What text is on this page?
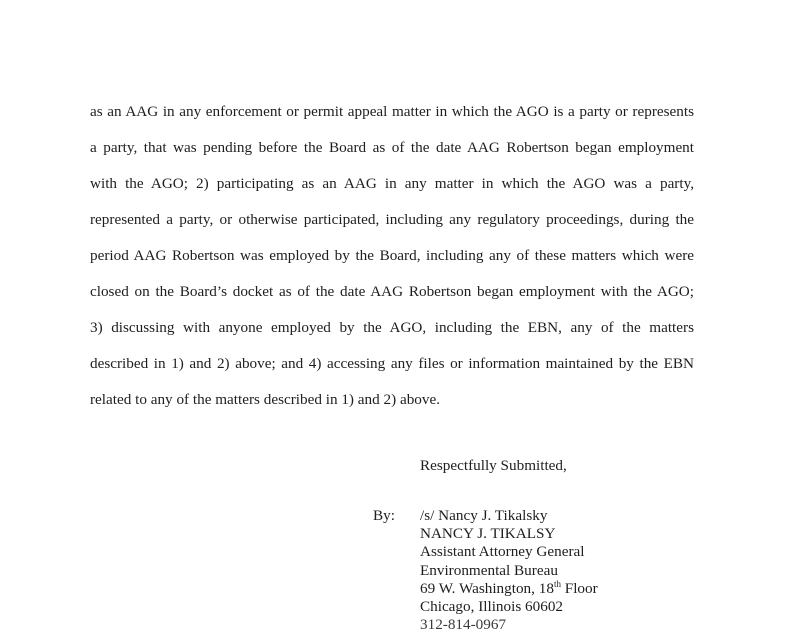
as an AAG in any enforcement or permit appeal matter in which the AGO is a party or represents
a party, that was pending before the Board as of the date AAG Robertson began employment
with the AGO; 2) participating as an AAG in any matter in which the AGO was a party,
represented a party, or otherwise participated, including any regulatory proceedings, during the
period AAG Robertson was employed by the Board, including any of these matters which were
closed on the Board’s docket as of the date AAG Robertson began employment with the AGO;
3) discussing with anyone employed by the AGO, including the EBN, any of the matters
described in 1) and 2) above; and 4) accessing any files or information maintained by the EBN
related to any of the matters described in 1) and 2) above.

Respectfully Submitted,

By: /s/ Nancy J. Tikalsky
NANCY J. TIKALSY
Assistant Attorney General
Environmental Bureau
69 W. Washington, 18th Floor
Chicago, Illinois 60602
312-814-0967
